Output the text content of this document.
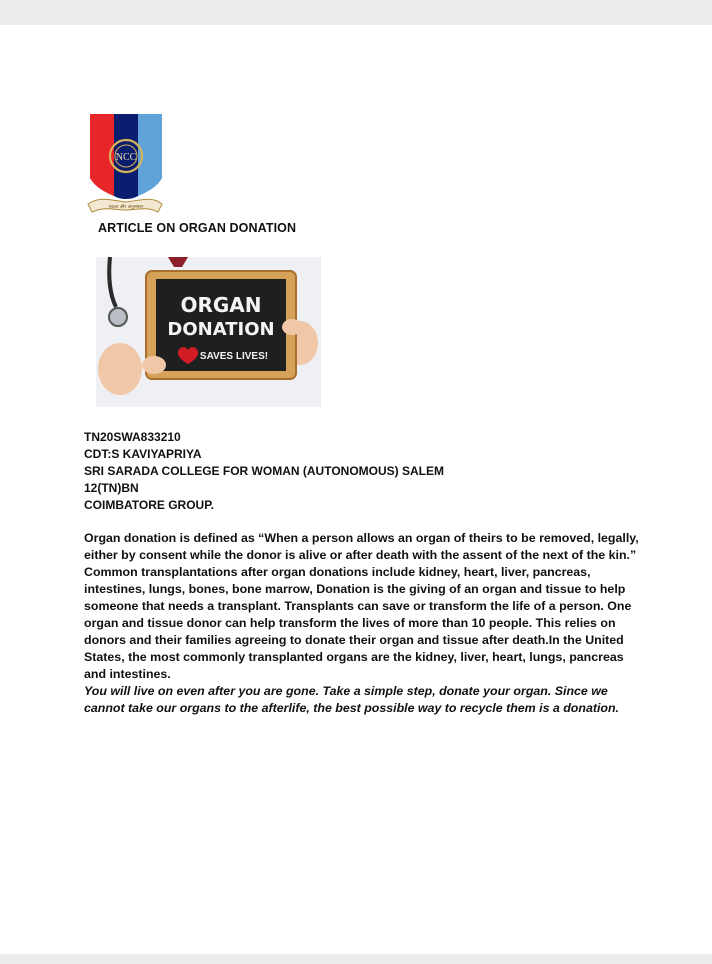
NCC
एकता और अनुशासन
ARTICLE ON ORGAN DONATION
ORGAN
DONATION
SAVES LIVES!
TN20SWA833210
CDT:S KAVIYAPRIYA
SRI SARADA COLLEGE FOR WOMAN (AUTONOMOUS) SALEM
12(TN)BN
COIMBATORE GROUP.

Organ donation is defined as “When a person allows an organ of theirs to be removed, legally, either by consent while the donor is alive or after death with the assent of the next of the kin.” Common transplantations after organ donations include kidney, heart, liver, pancreas, intestines, lungs, bones, bone marrow, Donation is the giving of an organ and tissue to help someone that needs a transplant. Transplants can save or transform the life of a person. One organ and tissue donor can help transform the lives of more than 10 people. This relies on donors and their families agreeing to donate their organ and tissue after death.In the United States, the most commonly transplanted organs are the kidney, liver, heart, lungs, pancreas and intestines.

You will live on even after you are gone. Take a simple step, donate your organ. Since we cannot take our organs to the afterlife, the best possible way to recycle them is a donation.
